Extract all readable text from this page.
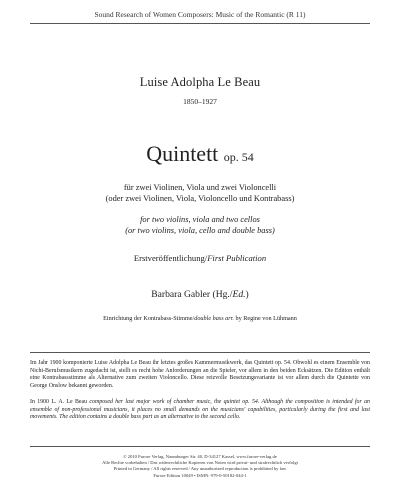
Sound Research of Women Composers: Music of the Romantic (R 11)
Luise Adolpha Le Beau
1850–1927
Quintett op. 54
für zwei Violinen, Viola und zwei Violoncelli
(oder zwei Violinen, Viola, Violoncello und Kontrabass)
for two violins, viola and two cellos
(or two violins, viola, cello and double bass)
Erstveröffentlichung/First Publication
Barbara Gabler (Hg./Ed.)
Einrichtung der Kontrabass-Stimme/double bass arr. by Regine von Lühmann
Im Jahr 1900 komponierte Luise Adolpha Le Beau ihr letztes großes Kammermusikwerk, das Quintett op. 54. Obwohl es einem Ensemble von Nicht-Berufsmusikern zugedacht ist, stellt es recht hohe Anforderungen an die Spieler, vor allem in den beiden Ecksätzen. Die Edition enthält eine Kontrabassstimme als Alternative zum zweiten Violoncello. Diese reizvolle Besetzungsvariante ist vor allem durch die Quintette von George Onslow bekannt geworden.
In 1900 L. A. Le Beau composed her last major work of chamber music, the quintet op. 54. Although the composition is intended for an ensemble of non-professional musicians, it places no small demands on the musicians' capabilities, particularly during the first and last movements. The edition contains a double bass part as an alternative to the second cello.
© 2010 Furore Verlag, Naumburger Str. 40, D-34127 Kassel, www.furore-verlag.de
Alle Rechte vorbehalten / Das widerrechtliche Kopieren von Noten wird privat- und strafrechtlich verfolgt
Printed in Germany / All rights reserved / Any unauthorized reproduction is prohibited by law
Furore Edition 10049 • ISMN: 979-0-50182-044-1
